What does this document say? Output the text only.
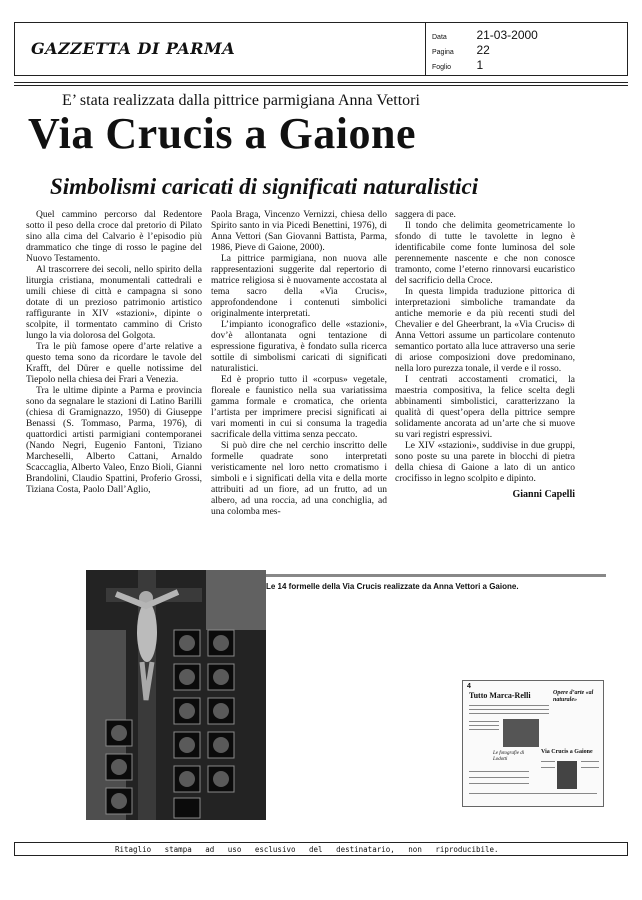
GAZZETTA DI PARMA
Data 21-03-2000
Pagina 22
Foglio 1
E’ stata realizzata dalla pittrice parmigiana Anna Vettori
Via Crucis a Gaione
Simbolismi caricati di significati naturalistici

Quel cammino percorso dal Redentore sotto il peso della croce dal pretorio di Pilato sino alla cima del Calvario è l’episodio più drammatico che tinge di rosso le pagine del Nuovo Testamento.

Al trascorrere dei secoli, nello spirito della liturgia cristiana, monumentali cattedrali e umili chiese di città e campagna si sono dotate di un prezioso patrimonio artistico raffigurante in XIV «stazioni», dipinte o scolpite, il tormentato cammino di Cristo lungo la via dolorosa del Golgota.

Tra le più famose opere d’arte relative a questo tema sono da ricordare le tavole del Krafft, del Dürer e quelle notissime del Tiepolo nella chiesa dei Frari a Venezia.

Tra le ultime dipinte a Parma e provincia sono da segnalare le stazioni di Latino Barilli (chiesa di Gramignazzo, 1950) di Giuseppe Benassi (S. Tommaso, Parma, 1976), di quattordici artisti parmigiani contemporanei (Nando Negri, Eugenio Fantoni, Tiziano Marcheselli, Alberto Cattani, Arnaldo Scaccaglia, Alberto Valeo, Enzo Bioli, Gianni Brandolini, Claudio Spattini, Proferio Grossi, Tiziana Costa, Paolo Dall’Aglio,

Paola Braga, Vincenzo Vernizzi, chiesa dello Spirito santo in via Picedi Benettini, 1976), di Anna Vettori (San Giovanni Battista, Parma, 1986, Pieve di Gaione, 2000).

La pittrice parmigiana, non nuova alle rappresentazioni suggerite dal repertorio di matrice religiosa si è nuovamente accostata al tema sacro della «Via Crucis», approfondendone i contenuti simbolici originalmente interpretati.

L’impianto iconografico delle «stazioni», dov’è allontanata ogni tentazione di espressione figurativa, è fondato sulla ricerca sottile di simbolismi caricati di significati naturalistici.

Ed è proprio tutto il «corpus» vegetale, floreale e faunistico nella sua variatissima gamma formale e cromatica, che orienta l’artista per imprimere precisi significati ai vari momenti in cui si consuma la tragedia sacrificale della vittima senza peccato.

Si può dire che nel cerchio inscritto delle formelle quadrate sono interpretati veristicamente nel loro netto cromatismo i simboli e i significati della vita e della morte attribuiti ad un fiore, ad un frutto, ad un albero, ad una roccia, ad una conchiglia, ad una colomba mes-

saggera di pace.

Il tondo che delimita geometricamente lo sfondo di tutte le tavolette in legno è identificabile come fonte luminosa del sole perennemente nascente e che non conosce tramonto, come l’eterno rinnovarsi eucaristico del sacrificio della Croce.

In questa limpida traduzione pittorica di interpretazioni simboliche tramandate da antiche memorie e da più recenti studi del Chevalier e del Gheerbrant, la «Via Crucis» di Anna Vettori assume un particolare contenuto semantico portato alla luce attraverso una serie di ariose composizioni dove predominano, nella loro purezza tonale, il verde e il rosso.

I centrati accostamenti cromatici, la maestria compositiva, la felice scelta degli abbinamenti simbolistici, caratterizzano la qualità di quest’opera della pittrice sempre solidamente ancorata ad un’arte che si muove su vari registri espressivi.

Le XIV «stazioni», suddivise in due gruppi, sono poste su una parete in blocchi di pietra della chiesa di Gaione a lato di un antico crocifisso in legno scolpito e dipinto.

Gianni Capelli

Le 14 formelle della Via Crucis realizzate da Anna Vettori a Gaione.
4
Tutto Marca-Relli	Opere d’arte «al naturale»
Via Crucis a Gaione
Le fotografie di Lodotti
Ritaglio stampa ad uso esclusivo del destinatario, non riproducibile.
